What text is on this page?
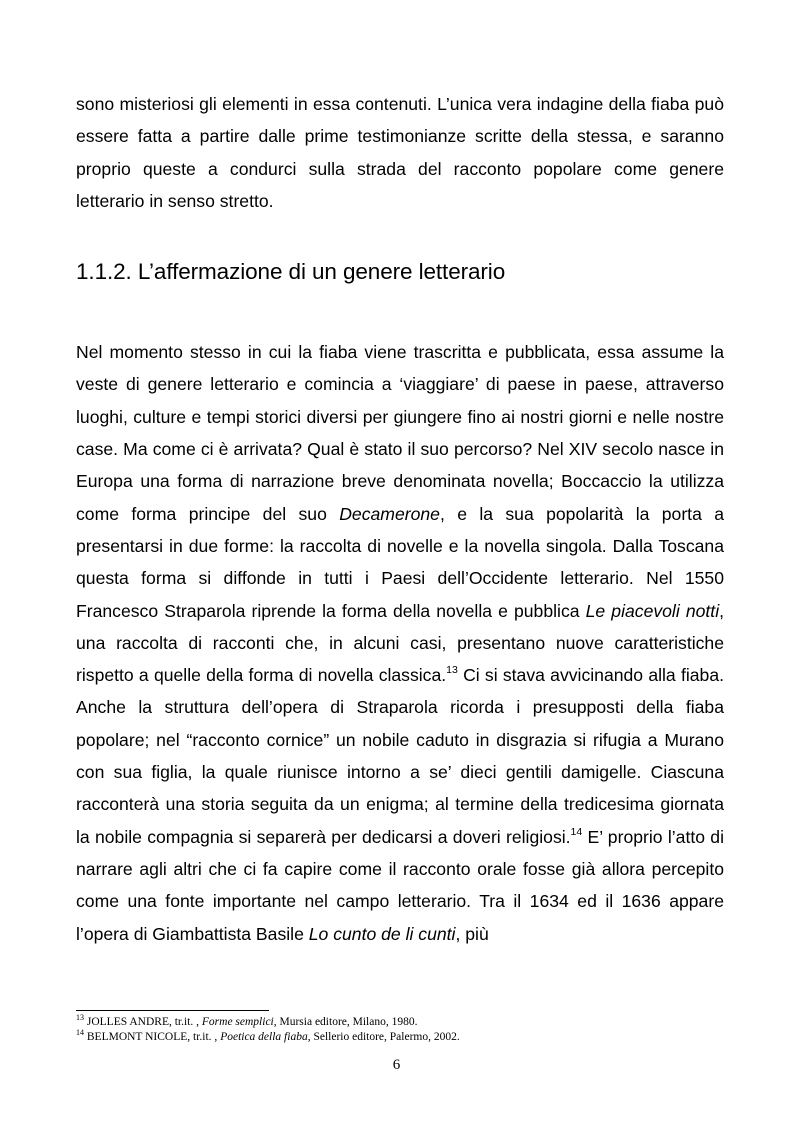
sono misteriosi gli elementi in essa contenuti. L’unica vera indagine della fiaba può essere fatta a partire dalle prime testimonianze scritte della stessa, e saranno proprio queste a condurci sulla strada del racconto popolare come genere letterario in senso stretto.

1.1.2. L’affermazione di un genere letterario

Nel momento stesso in cui la fiaba viene trascritta e pubblicata, essa assume la veste di genere letterario e comincia a ‘viaggiare’ di paese in paese, attraverso luoghi, culture e tempi storici diversi per giungere fino ai nostri giorni e nelle nostre case. Ma come ci è arrivata? Qual è stato il suo percorso? Nel XIV secolo nasce in Europa una forma di narrazione breve denominata novella; Boccaccio la utilizza come forma principe del suo Decamerone, e la sua popolarità la porta a presentarsi in due forme: la raccolta di novelle e la novella singola. Dalla Toscana questa forma si diffonde in tutti i Paesi dell’Occidente letterario. Nel 1550 Francesco Straparola riprende la forma della novella e pubblica Le piacevoli notti, una raccolta di racconti che, in alcuni casi, presentano nuove caratteristiche rispetto a quelle della forma di novella classica.$^{13}$ Ci si stava avvicinando alla fiaba. Anche la struttura dell’opera di Straparola ricorda i presupposti della fiaba popolare; nel “racconto cornice” un nobile caduto in disgrazia si rifugia a Murano con sua figlia, la quale riunisce intorno a se’ dieci gentili damigelle. Ciascuna racconterà una storia seguita da un enigma; al termine della tredicesima giornata la nobile compagnia si separerà per dedicarsi a doveri religiosi.$^{14}$ E’ proprio l’atto di narrare agli altri che ci fa capire come il racconto orale fosse già allora percepito come una fonte importante nel campo letterario. Tra il 1634 ed il 1636 appare l’opera di Giambattista Basile Lo cunto de li cunti, più

$^{13}$ JOLLES ANDRE, tr.it. , Forme semplici, Mursia editore, Milano, 1980.
$^{14}$ BELMONT NICOLE, tr.it. , Poetica della fiaba, Sellerio editore, Palermo, 2002.
6
